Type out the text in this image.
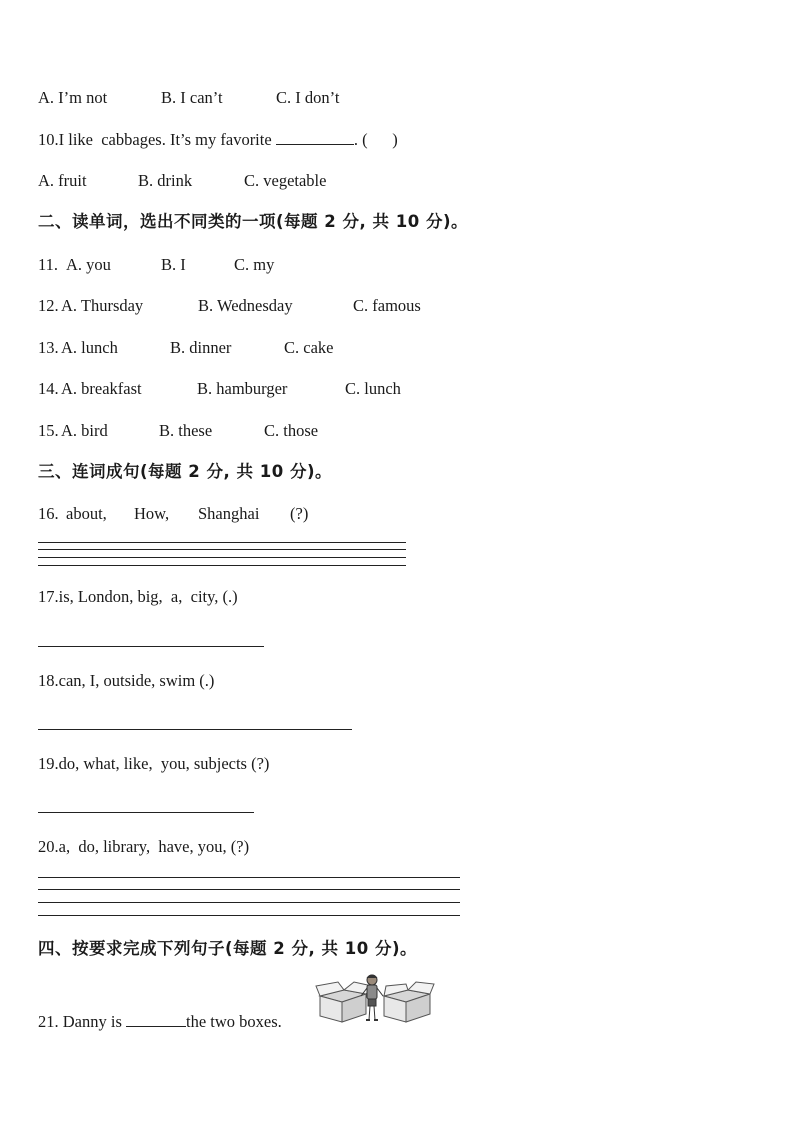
A. I’m not	B. I can’t	C. I don’t
10.I like  cabbages. It’s my favorite	. (      )
A. fruit	B. drink	C. vegetable
二、读单词，选出不同类的一项(每题 2 分, 共 10 分)。
11. A. you	B. I	C. my
12. A. Thursday	B. Wednesday	C. famous
13. A. lunch	B. dinner	C. cake
14. A. breakfast	B. hamburger	C. lunch
15. A. bird	B. these	C. those
三、连词成句(每题 2 分, 共 10 分)。
16. about, How, Shanghai (?)
17.is, London, big,  a,  city, (.)
18.can, I, outside, swim (.)
19.do, what, like,  you, subjects (?)
20.a,  do, library,  have, you, (?)
四、按要求完成下列句子(每题 2 分, 共 10 分)。
21. Danny is	the two boxes.
